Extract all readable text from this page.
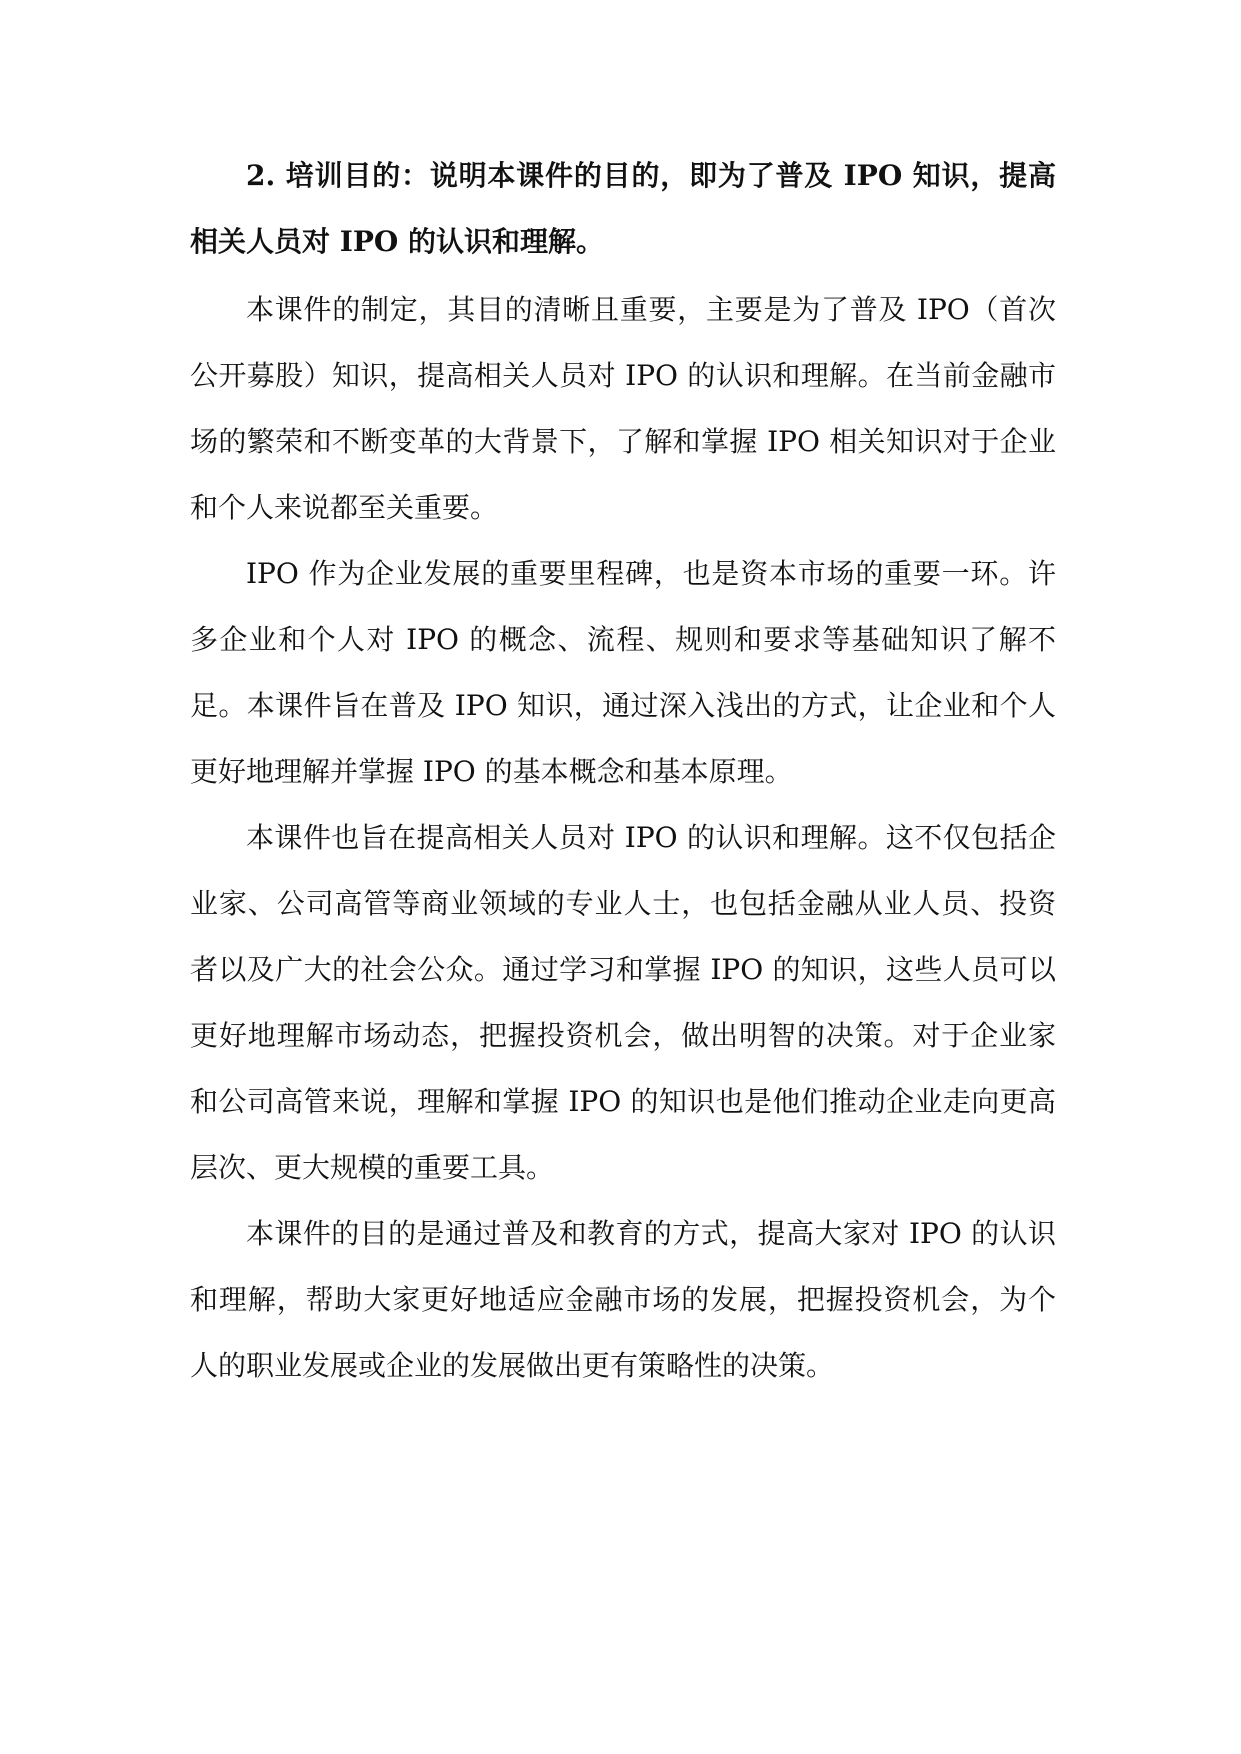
2. 培训目的：说明本课件的目的，即为了普及 IPO 知识，提高相关人员对 IPO 的认识和理解。

本课件的制定，其目的清晰且重要，主要是为了普及 IPO（首次公开募股）知识，提高相关人员对 IPO 的认识和理解。在当前金融市场的繁荣和不断变革的大背景下，了解和掌握 IPO 相关知识对于企业和个人来说都至关重要。

IPO 作为企业发展的重要里程碑，也是资本市场的重要一环。许多企业和个人对 IPO 的概念、流程、规则和要求等基础知识了解不足。本课件旨在普及 IPO 知识，通过深入浅出的方式，让企业和个人更好地理解并掌握 IPO 的基本概念和基本原理。

本课件也旨在提高相关人员对 IPO 的认识和理解。这不仅包括企业家、公司高管等商业领域的专业人士，也包括金融从业人员、投资者以及广大的社会公众。通过学习和掌握 IPO 的知识，这些人员可以更好地理解市场动态，把握投资机会，做出明智的决策。对于企业家和公司高管来说，理解和掌握 IPO 的知识也是他们推动企业走向更高层次、更大规模的重要工具。

本课件的目的是通过普及和教育的方式，提高大家对 IPO 的认识和理解，帮助大家更好地适应金融市场的发展，把握投资机会，为个人的职业发展或企业的发展做出更有策略性的决策。
